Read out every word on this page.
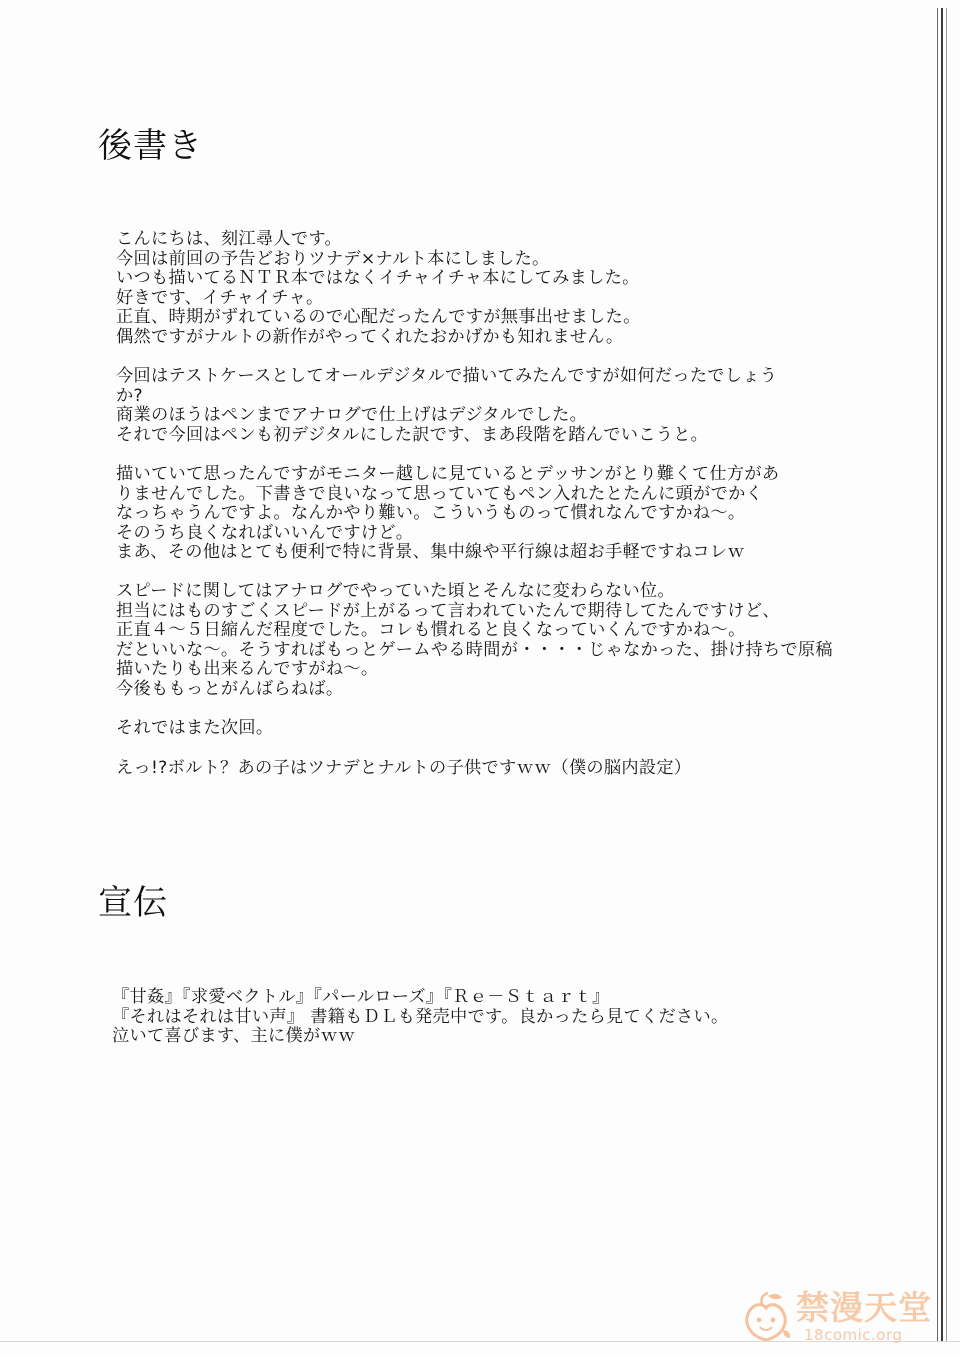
後書き
こんにちは、刻江尋人です。
今回は前回の予告どおりツナデ×ナルト本にしました。
いつも描いてるＮＴＲ本ではなくイチャイチャ本にしてみました。
好きです、イチャイチャ。
正直、時期がずれているので心配だったんですが無事出せました。
偶然ですがナルトの新作がやってくれたおかげかも知れません。
今回はテストケースとしてオールデジタルで描いてみたんですが如何だったでしょう
か?
商業のほうはペンまでアナログで仕上げはデジタルでした。
それで今回はペンも初デジタルにした訳です、まあ段階を踏んでいこうと。
描いていて思ったんですがモニター越しに見ているとデッサンがとり難くて仕方があ
りませんでした。下書きで良いなって思っていてもペン入れたとたんに頭がでかく
なっちゃうんですよ。なんかやり難い。こういうものって慣れなんですかね～。
そのうち良くなればいいんですけど。
まあ、その他はとても便利で特に背景、集中線や平行線は超お手軽ですねコレｗ
スピードに関してはアナログでやっていた頃とそんなに変わらない位。
担当にはものすごくスピードが上がるって言われていたんで期待してたんですけど、
正直４～５日縮んだ程度でした。コレも慣れると良くなっていくんですかね～。
だといいな～。そうすればもっとゲームやる時間が・・・・じゃなかった、掛け持ちで原稿
描いたりも出来るんですがね～。
今後ももっとがんばらねば。
それではまた次回。
えっ!?ボルト？あの子はツナデとナルトの子供ですｗｗ（僕の脳内設定）
宣伝
『甘姦』『求愛ベクトル』『パールローズ』『Ｒｅ－Ｓｔａｒｔ』
『それはそれは甘い声』 書籍もＤＬも発売中です。良かったら見てください。
泣いて喜びます、主に僕がｗｗ
禁漫天堂
18comic.org
